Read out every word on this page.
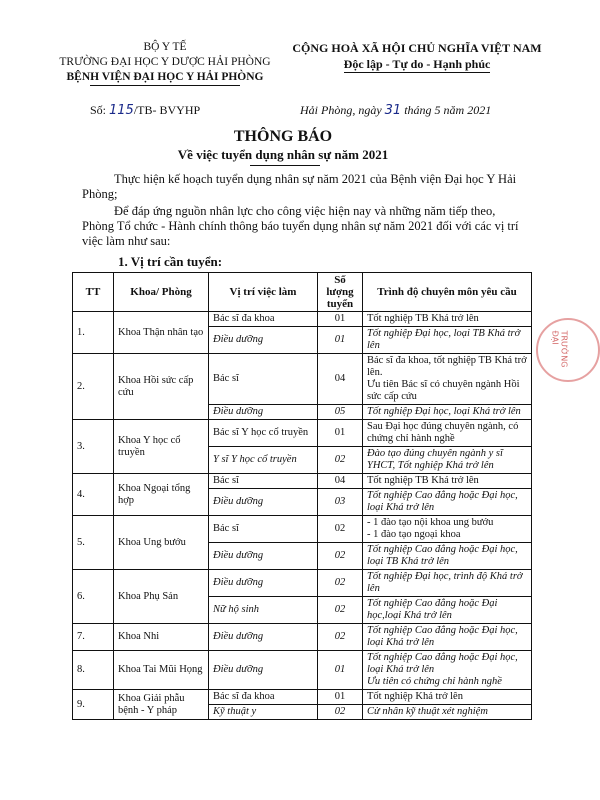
BỘ Y TẾ
TRƯỜNG ĐẠI HỌC Y DƯỢC HẢI PHÒNG
BỆNH VIỆN ĐẠI HỌC Y HẢI PHÒNG
CỘNG HOÀ XÃ HỘI CHỦ NGHĨA VIỆT NAM
Độc lập - Tự do - Hạnh phúc
Số: 115/TB- BVYHP	Hải Phòng, ngày 31 tháng 5 năm 2021
THÔNG BÁO
Về việc tuyển dụng nhân sự năm 2021
Thực hiện kế hoạch tuyển dụng nhân sự năm 2021 của Bệnh viện Đại học Y Hải Phòng;
Để đáp ứng nguồn nhân lực cho công việc hiện nay và những năm tiếp theo, Phòng Tổ chức - Hành chính thông báo tuyển dụng nhân sự năm 2021 đối với các vị trí việc làm như sau:
1. Vị trí cần tuyển:
TT	Khoa/ Phòng	Vị trí việc làm	Số lượng tuyển	Trình độ chuyên môn yêu cầu
1.	Khoa Thận nhân tạo	Bác sĩ đa khoa	01	Tốt nghiệp TB Khá trở lên

		Điều dưỡng	01	Tốt nghiệp Đại học, loại TB Khá trở lên

2.	Khoa Hồi sức cấp cứu	Bác sĩ	04	Bác sĩ đa khoa, tốt nghiệp TB Khá trở lên.
Ưu tiên Bác sĩ có chuyên ngành Hồi sức cấp cứu

		Điều dưỡng	05	Tốt nghiệp Đại học, loại Khá trở lên

3.	Khoa Y học cổ truyền	Bác sĩ Y học cổ truyền	01	Sau Đại học đúng chuyên ngành, có chứng chỉ hành nghề

		Y sĩ Y học cổ truyền	02	Đào tạo đúng chuyên ngành y sĩ YHCT, Tốt nghiệp Khá trở lên

4.	Khoa Ngoại tổng hợp	Bác sĩ	04	Tốt nghiệp TB Khá trở lên

		Điều dưỡng	03	Tốt nghiệp Cao đẳng hoặc Đại học, loại Khá trở lên

5.	Khoa Ung bướu	Bác sĩ	02	- 1 đào tạo nội khoa ung bướu
- 1 đào tạo ngoại khoa

		Điều dưỡng	02	Tốt nghiệp Cao đẳng hoặc Đại học, loại TB Khá trở lên

6.	Khoa Phụ Sản	Điều dưỡng	02	Tốt nghiệp Đại học, trình độ Khá trở lên

		Nữ hộ sinh	02	Tốt nghiệp Cao đẳng hoặc Đại học,loại Khá trở lên

7.	Khoa Nhi	Điều dưỡng	02	Tốt nghiệp Cao đẳng hoặc Đại học, loại Khá trở lên

8.	Khoa Tai Mũi Họng	Điều dưỡng	01	Tốt nghiệp Cao đẳng hoặc Đại học, loại Khá trở lên
Ưu tiên có chứng chỉ hành nghề

9.	Khoa Giải phẫu bệnh - Y pháp	Bác sĩ đa khoa	01	Tốt nghiệp Khá trở lên

		Kỹ thuật y	02	Cử nhân kỹ thuật xét nghiệm
TRƯỜNG ĐẠI
